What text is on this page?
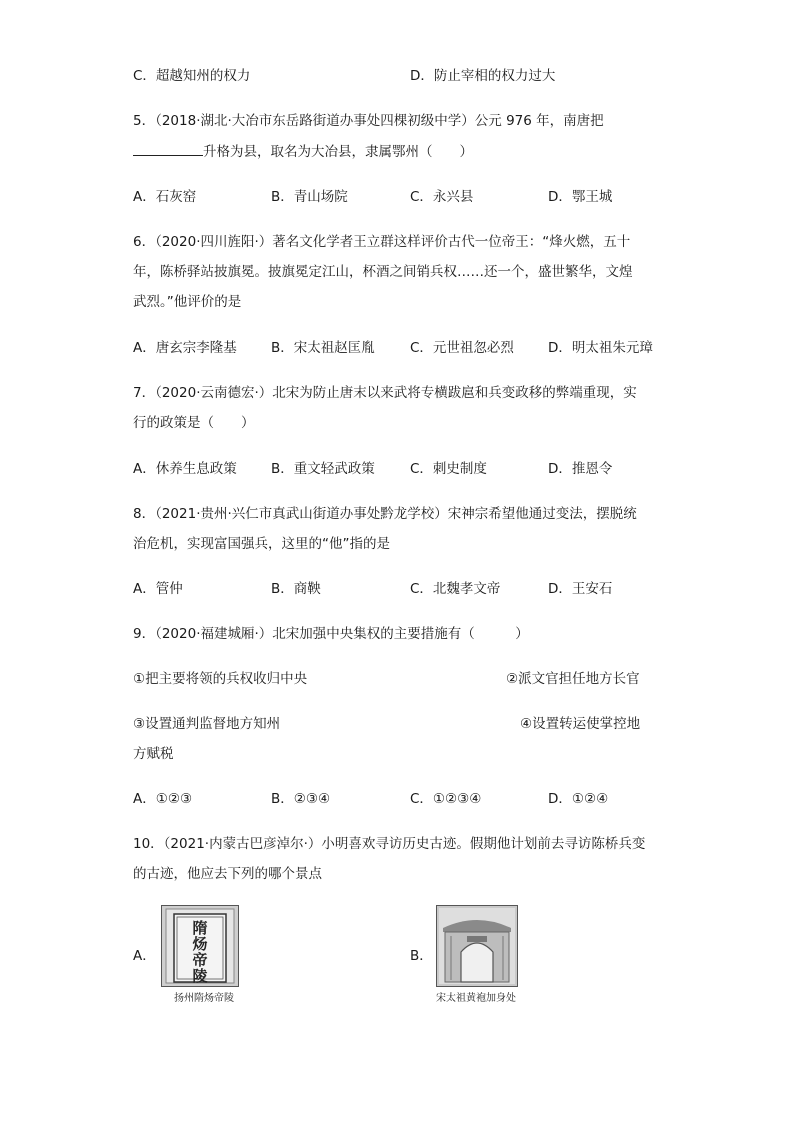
C．超越知州的权力	D．防止宰相的权力过大
5．（2018·湖北·大冶市东岳路街道办事处四棵初级中学）公元 976 年，南唐把
升格为县，取名为大冶县，隶属鄂州（　　）
A．石灰窑	B．青山场院	C．永兴县	D．鄂王城
6．（2020·四川旌阳·）著名文化学者王立群这样评价古代一位帝王：“烽火燃，五十
年，陈桥驿站披旗冕。披旗冕定江山，杯酒之间销兵权……还一个，盛世繁华，文煌
武烈。”他评价的是
A．唐玄宗李隆基	B．宋太祖赵匡胤	C．元世祖忽必烈	D．明太祖朱元璋
7．（2020·云南德宏·）北宋为防止唐末以来武将专横跋扈和兵变政移的弊端重现，实
行的政策是（　　）
A．休养生息政策	B．重文轻武政策	C．刺史制度	D．推恩令
8．（2021·贵州·兴仁市真武山街道办事处黔龙学校）宋神宗希望他通过变法，摆脱统
治危机，实现富国强兵，这里的“他”指的是
A．管仲	B．商鞅	C．北魏孝文帝	D．王安石
9．（2020·福建城厢·）北宋加强中央集权的主要措施有（　　　）
①把主要将领的兵权收归中央	②派文官担任地方长官
③设置通判监督地方知州	④设置转运使掌控地
方赋税
A．①②③	B．②③④	C．①②③④	D．①②④
10．（2021·内蒙古巴彦淖尔·）小明喜欢寻访历史古迹。假期他计划前去寻访陈桥兵变
的古迹，他应去下列的哪个景点
A．
隋炀帝陵
扬州隋炀帝陵
B．
宋太祖黄袍加身处
